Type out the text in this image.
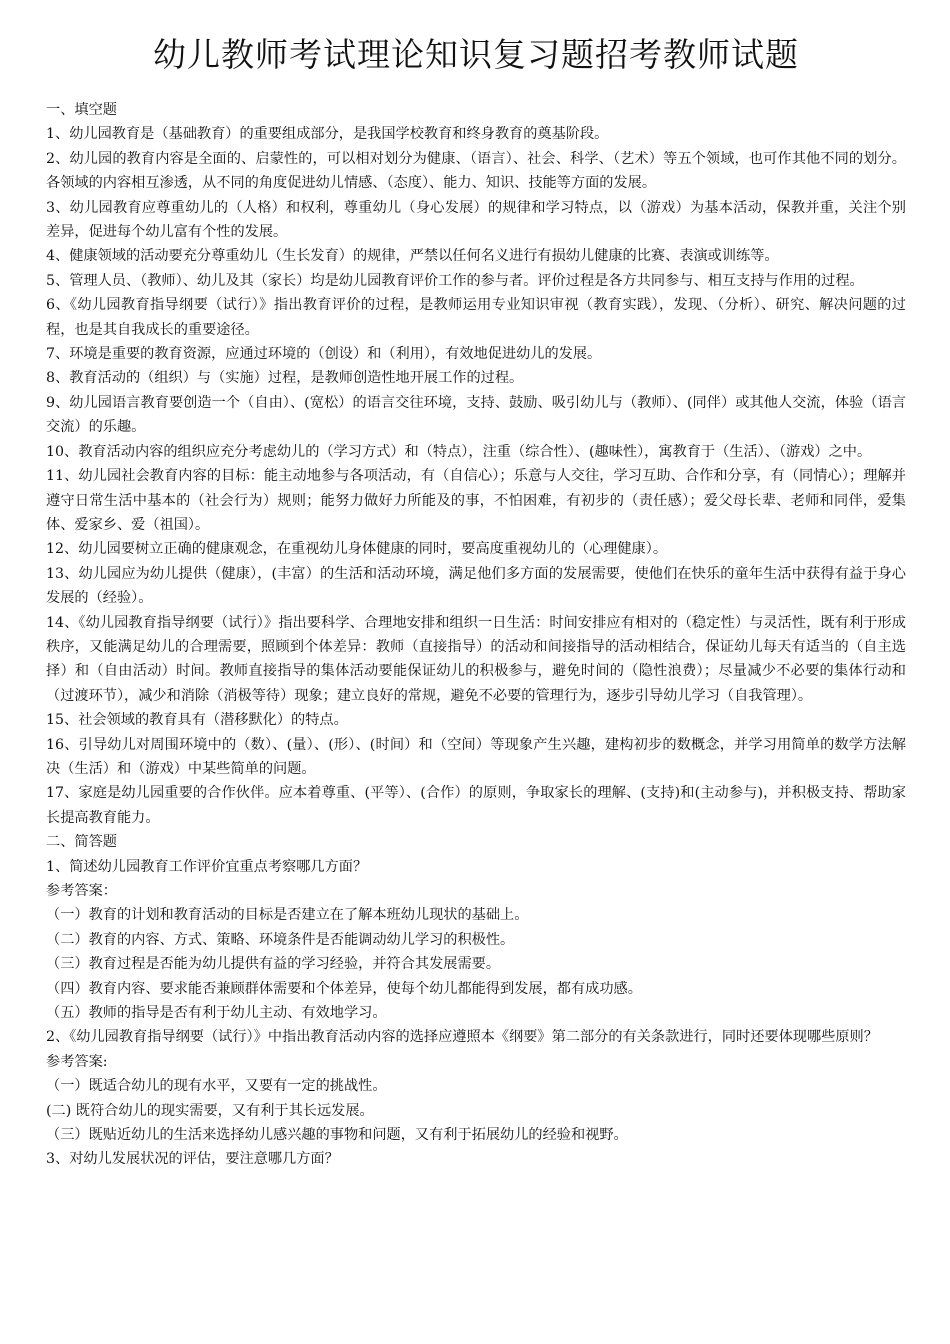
幼儿教师考试理论知识复习题招考教师试题

一、填空题

1、幼儿园教育是（基础教育）的重要组成部分，是我国学校教育和终身教育的奠基阶段。

2、幼儿园的教育内容是全面的、启蒙性的，可以相对划分为健康、（语言）、社会、科学、（艺术）等五个领域，也可作其他不同的划分。各领域的内容相互渗透，从不同的角度促进幼儿情感、（态度）、能力、知识、技能等方面的发展。

3、幼儿园教育应尊重幼儿的（人格）和权利，尊重幼儿（身心发展）的规律和学习特点，以（游戏）为基本活动，保教并重，关注个别差异，促进每个幼儿富有个性的发展。

4、健康领域的活动要充分尊重幼儿（生长发育）的规律，严禁以任何名义进行有损幼儿健康的比赛、表演或训练等。

5、管理人员、（教师）、幼儿及其（家长）均是幼儿园教育评价工作的参与者。评价过程是各方共同参与、相互支持与作用的过程。

6、《幼儿园教育指导纲要（试行）》指出教育评价的过程，是教师运用专业知识审视（教育实践），发现、（分析）、研究、解决问题的过程，也是其自我成长的重要途径。

7、环境是重要的教育资源，应通过环境的（创设）和（利用），有效地促进幼儿的发展。

8、教育活动的（组织）与（实施）过程，是教师创造性地开展工作的过程。

9、幼儿园语言教育要创造一个（自由）、(宽松）的语言交往环境，支持、鼓励、吸引幼儿与（教师）、(同伴）或其他人交流，体验（语言交流）的乐趣。

10、教育活动内容的组织应充分考虑幼儿的（学习方式）和（特点），注重（综合性）、(趣味性），寓教育于（生活）、（游戏）之中。

11、幼儿园社会教育内容的目标：能主动地参与各项活动，有（自信心）；乐意与人交往，学习互助、合作和分享，有（同情心）；理解并遵守日常生活中基本的（社会行为）规则；能努力做好力所能及的事，不怕困难，有初步的（责任感）；爱父母长辈、老师和同伴，爱集体、爱家乡、爱（祖国）。

12、幼儿园要树立正确的健康观念，在重视幼儿身体健康的同时，要高度重视幼儿的（心理健康）。

13、幼儿园应为幼儿提供（健康），(丰富）的生活和活动环境，满足他们多方面的发展需要，使他们在快乐的童年生活中获得有益于身心发展的（经验）。

14、《幼儿园教育指导纲要（试行）》指出要科学、合理地安排和组织一日生活：时间安排应有相对的（稳定性）与灵活性，既有利于形成秩序，又能满足幼儿的合理需要，照顾到个体差异：教师（直接指导）的活动和间接指导的活动相结合，保证幼儿每天有适当的（自主选择）和（自由活动）时间。教师直接指导的集体活动要能保证幼儿的积极参与，避免时间的（隐性浪费）；尽量减少不必要的集体行动和（过渡环节），减少和消除（消极等待）现象；建立良好的常规，避免不必要的管理行为，逐步引导幼儿学习（自我管理）。

15、社会领域的教育具有（潜移默化）的特点。

16、引导幼儿对周围环境中的（数）、(量）、(形）、(时间）和（空间）等现象产生兴趣，建构初步的数概念，并学习用简单的数学方法解决（生活）和（游戏）中某些简单的问题。

17、家庭是幼儿园重要的合作伙伴。应本着尊重、(平等）、(合作）的原则，争取家长的理解、(支持)和(主动参与)，并积极支持、帮助家长提高教育能力。

二、简答题

1、简述幼儿园教育工作评价宜重点考察哪几方面？

参考答案：

（一）教育的计划和教育活动的目标是否建立在了解本班幼儿现状的基础上。

（二）教育的内容、方式、策略、环境条件是否能调动幼儿学习的积极性。

（三）教育过程是否能为幼儿提供有益的学习经验，并符合其发展需要。

（四）教育内容、要求能否兼顾群体需要和个体差异，使每个幼儿都能得到发展，都有成功感。

（五）教师的指导是否有利于幼儿主动、有效地学习。

2、《幼儿园教育指导纲要（试行）》中指出教育活动内容的选择应遵照本《纲要》第二部分的有关条款进行，同时还要体现哪些原则？

参考答案:

（一）既适合幼儿的现有水平，又要有一定的挑战性。

(二) 既符合幼儿的现实需要，又有利于其长远发展。

（三）既贴近幼儿的生活来选择幼儿感兴趣的事物和问题，又有利于拓展幼儿的经验和视野。

3、对幼儿发展状况的评估，要注意哪几方面？
